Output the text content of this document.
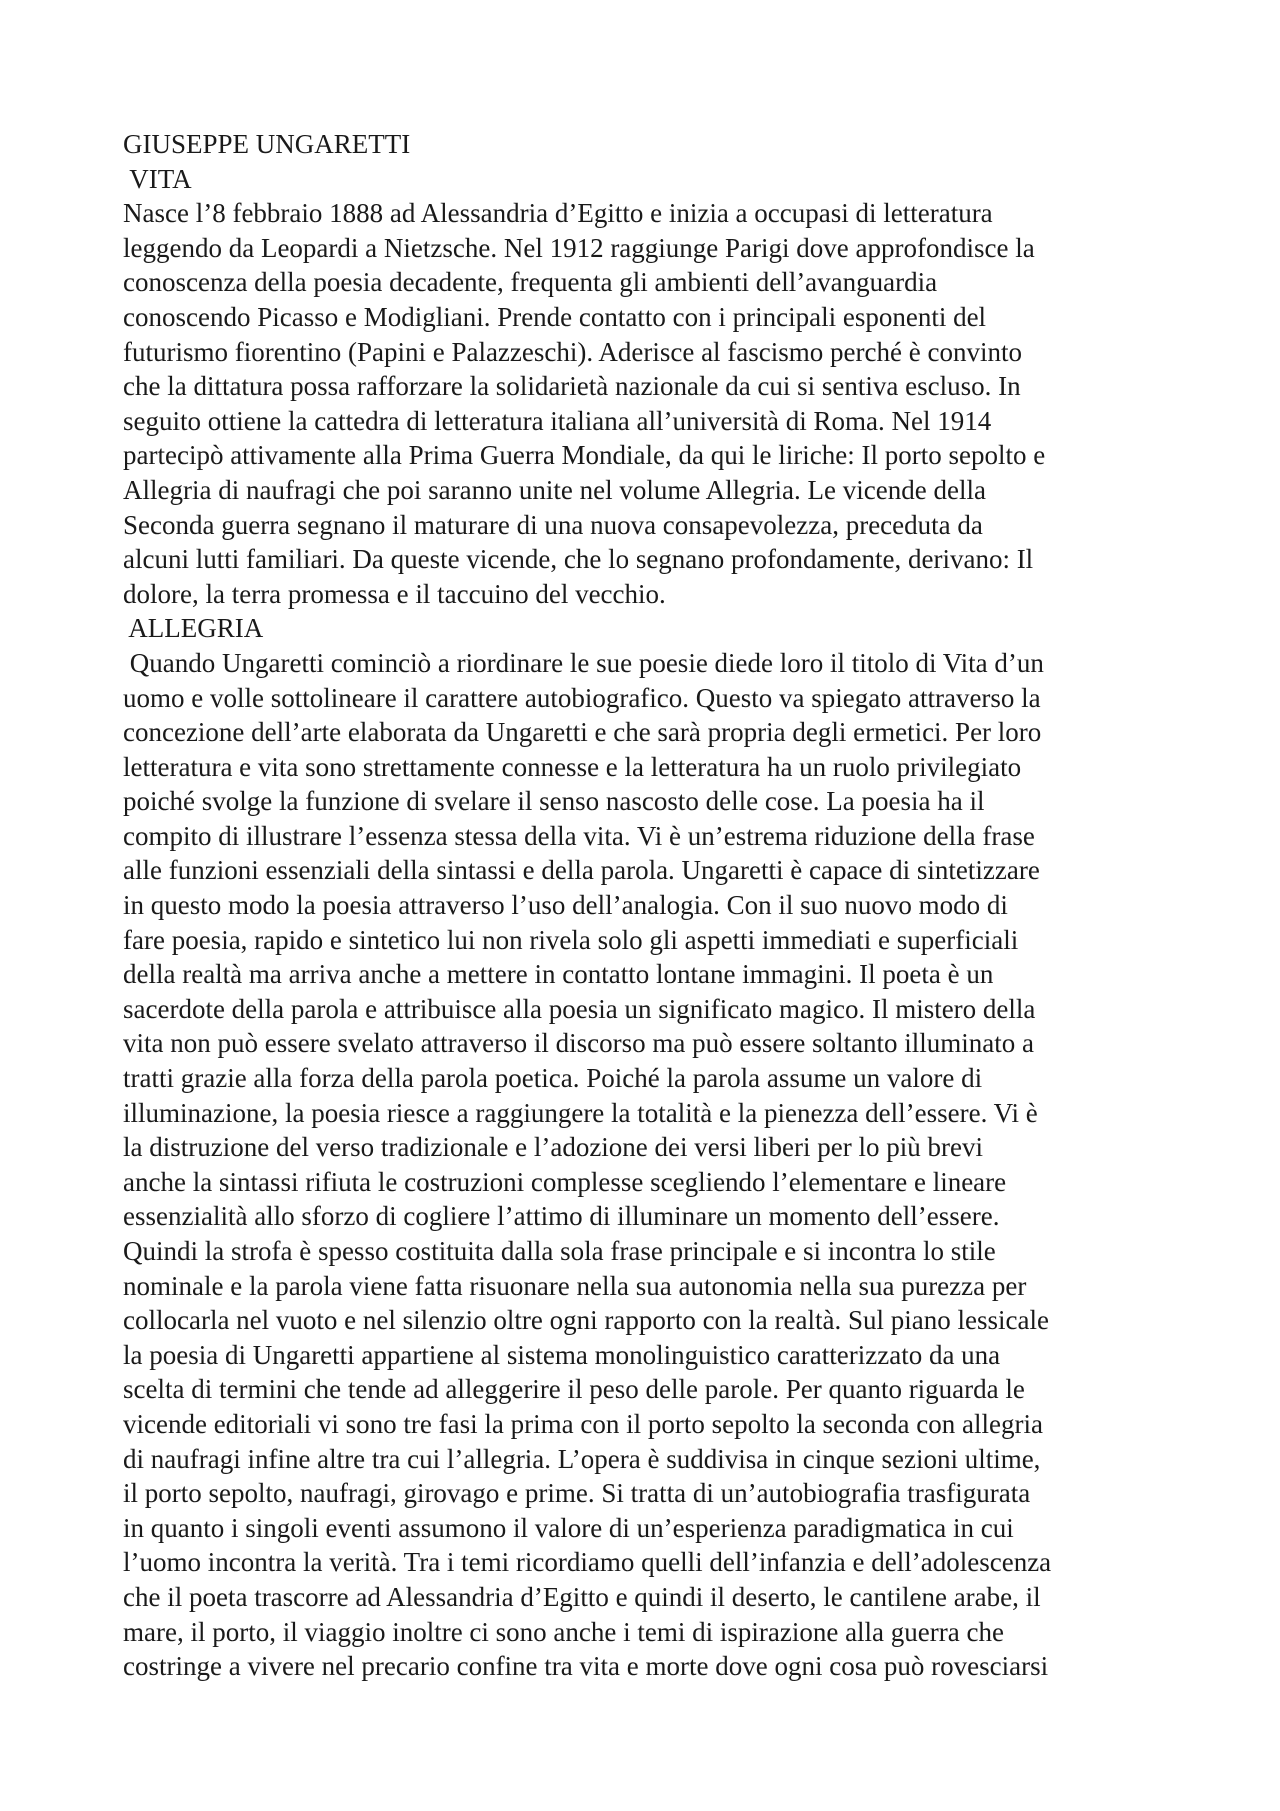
GIUSEPPE UNGARETTI
VITA
Nasce l’8 febbraio 1888 ad Alessandria d’Egitto e inizia a occupasi di letteratura
leggendo da Leopardi a Nietzsche. Nel 1912 raggiunge Parigi dove approfondisce la
conoscenza della poesia decadente, frequenta gli ambienti dell’avanguardia
conoscendo Picasso e Modigliani. Prende contatto con i principali esponenti del
futurismo fiorentino (Papini e Palazzeschi). Aderisce al fascismo perché è convinto
che la dittatura possa rafforzare la solidarietà nazionale da cui si sentiva escluso. In
seguito ottiene la cattedra di letteratura italiana all’università di Roma. Nel 1914
partecipò attivamente alla Prima Guerra Mondiale, da qui le liriche: Il porto sepolto e
Allegria di naufragi che poi saranno unite nel volume Allegria. Le vicende della
Seconda guerra segnano il maturare di una nuova consapevolezza, preceduta da
alcuni lutti familiari. Da queste vicende, che lo segnano profondamente, derivano: Il
dolore, la terra promessa e il taccuino del vecchio.
ALLEGRIA
Quando Ungaretti cominciò a riordinare le sue poesie diede loro il titolo di Vita d’un
uomo e volle sottolineare il carattere autobiografico. Questo va spiegato attraverso la
concezione dell’arte elaborata da Ungaretti e che sarà propria degli ermetici. Per loro
letteratura e vita sono strettamente connesse e la letteratura ha un ruolo privilegiato
poiché svolge la funzione di svelare il senso nascosto delle cose. La poesia ha il
compito di illustrare l’essenza stessa della vita. Vi è un’estrema riduzione della frase
alle funzioni essenziali della sintassi e della parola. Ungaretti è capace di sintetizzare
in questo modo la poesia attraverso l’uso dell’analogia. Con il suo nuovo modo di
fare poesia, rapido e sintetico lui non rivela solo gli aspetti immediati e superficiali
della realtà ma arriva anche a mettere in contatto lontane immagini. Il poeta è un
sacerdote della parola e attribuisce alla poesia un significato magico. Il mistero della
vita non può essere svelato attraverso il discorso ma può essere soltanto illuminato a
tratti grazie alla forza della parola poetica. Poiché la parola assume un valore di
illuminazione, la poesia riesce a raggiungere la totalità e la pienezza dell’essere. Vi è
la distruzione del verso tradizionale e l’adozione dei versi liberi per lo più brevi
anche la sintassi rifiuta le costruzioni complesse scegliendo l’elementare e lineare
essenzialità allo sforzo di cogliere l’attimo di illuminare un momento dell’essere.
Quindi la strofa è spesso costituita dalla sola frase principale e si incontra lo stile
nominale e la parola viene fatta risuonare nella sua autonomia nella sua purezza per
collocarla nel vuoto e nel silenzio oltre ogni rapporto con la realtà. Sul piano lessicale
la poesia di Ungaretti appartiene al sistema monolinguistico caratterizzato da una
scelta di termini che tende ad alleggerire il peso delle parole. Per quanto riguarda le
vicende editoriali vi sono tre fasi la prima con il porto sepolto la seconda con allegria
di naufragi infine altre tra cui l’allegria. L’opera è suddivisa in cinque sezioni ultime,
il porto sepolto, naufragi, girovago e prime. Si tratta di un’autobiografia trasfigurata
in quanto i singoli eventi assumono il valore di un’esperienza paradigmatica in cui
l’uomo incontra la verità. Tra i temi ricordiamo quelli dell’infanzia e dell’adolescenza
che il poeta trascorre ad Alessandria d’Egitto e quindi il deserto, le cantilene arabe, il
mare, il porto, il viaggio inoltre ci sono anche i temi di ispirazione alla guerra che
costringe a vivere nel precario confine tra vita e morte dove ogni cosa può rovesciarsi
